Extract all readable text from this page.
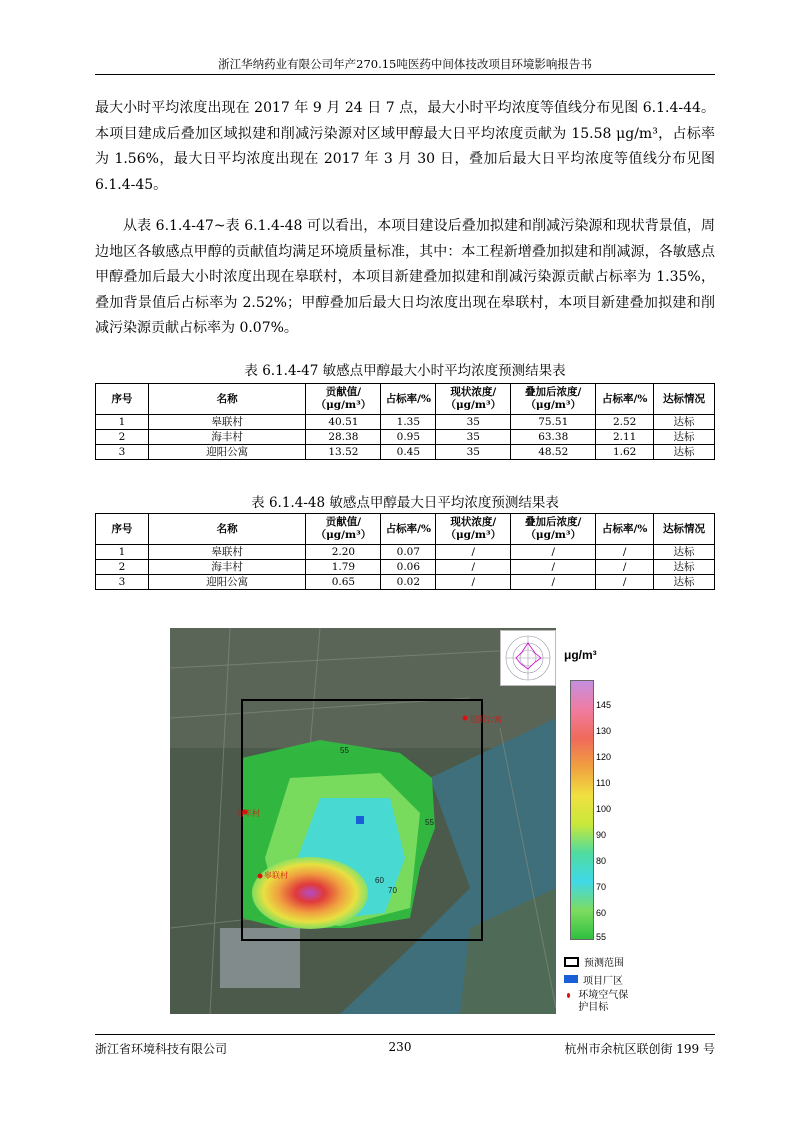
浙江华纳药业有限公司年产270.15吨医药中间体技改项目环境影响报告书

最大小时平均浓度出现在 2017 年 9 月 24 日 7 点，最大小时平均浓度等值线分布见图 6.1.4-44。本项目建成后叠加区域拟建和削减污染源对区域甲醇最大日平均浓度贡献为 15.58 μg/m³，占标率为 1.56%，最大日平均浓度出现在 2017 年 3 月 30 日，叠加后最大日平均浓度等值线分布见图 6.1.4-45。

从表 6.1.4-47~表 6.1.4-48 可以看出，本项目建设后叠加拟建和削减污染源和现状背景值，周边地区各敏感点甲醇的贡献值均满足环境质量标准，其中：本工程新增叠加拟建和削减源，各敏感点甲醇叠加后最大小时浓度出现在皋联村，本项目新建叠加拟建和削减污染源贡献占标率为 1.35%，叠加背景值后占标率为 2.52%；甲醇叠加后最大日均浓度出现在皋联村，本项目新建叠加拟建和削减污染源贡献占标率为 0.07%。

表 6.1.4-47 敏感点甲醇最大小时平均浓度预测结果表
序号	名称	贡献值/（μg/m³）	占标率/%	现状浓度/（μg/m³）	叠加后浓度/（μg/m³）	占标率/%	达标情况
1	皋联村	40.51	1.35	35	75.51	2.52	达标
2	海丰村	28.38	0.95	35	63.38	2.11	达标
3	迎阳公寓	13.52	0.45	35	48.52	1.62	达标
表 6.1.4-48 敏感点甲醇最大日平均浓度预测结果表
序号	名称	贡献值/（μg/m³）	占标率/%	现状浓度/（μg/m³）	叠加后浓度/（μg/m³）	占标率/%	达标情况
1	皋联村	2.20	0.07	/	/	/	达标
2	海丰村	1.79	0.06	/	/	/	达标
3	迎阳公寓	0.65	0.02	/	/	/	达标
55
55
60
70
迎阳公寓
海丰村
皋联村
145
130
120
110
100
90
80
70
60
55
预测范围
项目厂区
环境空气保护目标
μg/m³
浙江省环境科技有限公司	230	杭州市余杭区联创街 199 号
